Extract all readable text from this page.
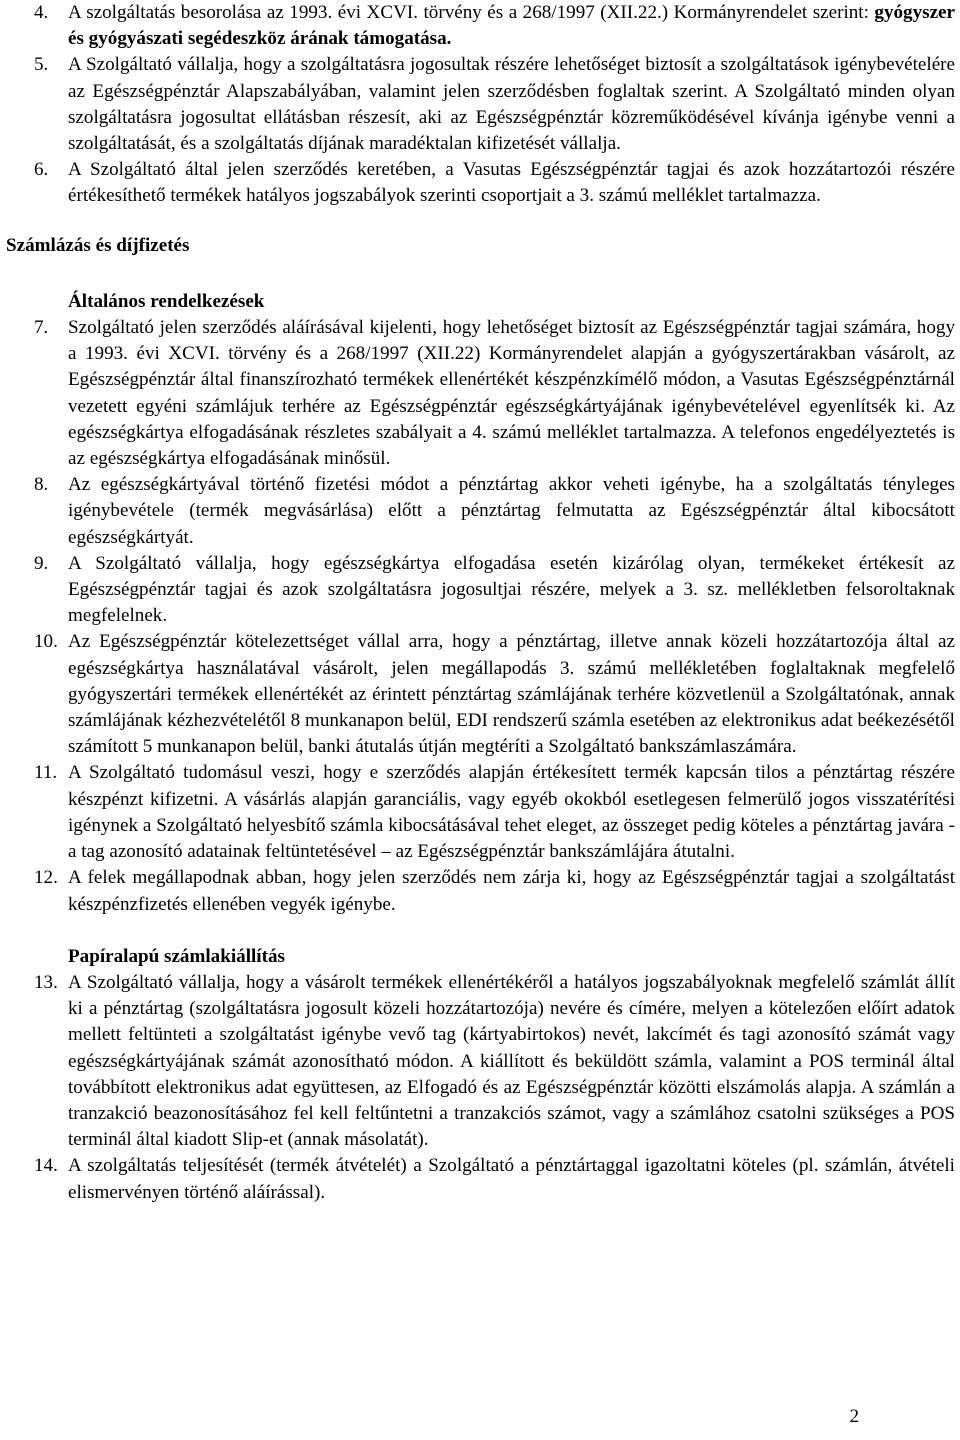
4.	A szolgáltatás besorolása az 1993. évi XCVI. törvény és a 268/1997 (XII.22.) Kormányrendelet szerint: gyógyszer és gyógyászati segédeszköz árának támogatása.
5.	A Szolgáltató vállalja, hogy a szolgáltatásra jogosultak részére lehetőséget biztosít a szolgáltatások igénybevételére az Egészségpénztár Alapszabályában, valamint jelen szerződésben foglaltak szerint. A Szolgáltató minden olyan szolgáltatásra jogosultat ellátásban részesít, aki az Egészségpénztár közreműködésével kívánja igénybe venni a szolgáltatását, és a szolgáltatás díjának maradéktalan kifizetését vállalja.
6.	A Szolgáltató által jelen szerződés keretében, a Vasutas Egészségpénztár tagjai és azok hozzátartozói részére értékesíthető termékek hatályos jogszabályok szerinti csoportjait a 3. számú melléklet tartalmazza.
Számlázás és díjfizetés
Általános rendelkezések
7.	Szolgáltató jelen szerződés aláírásával kijelenti, hogy lehetőséget biztosít az Egészségpénztár tagjai számára, hogy a 1993. évi XCVI. törvény és a 268/1997 (XII.22) Kormányrendelet alapján a gyógyszertárakban vásárolt, az Egészségpénztár által finanszírozható termékek ellenértékét készpénzkímélő módon, a Vasutas Egészségpénztárnál vezetett egyéni számlájuk terhére az Egészségpénztár egészségkártyájának igénybevételével egyenlítsék ki. Az egészségkártya elfogadásának részletes szabályait a 4. számú melléklet tartalmazza. A telefonos engedélyeztetés is az egészségkártya elfogadásának minősül.
8.	Az egészségkártyával történő fizetési módot a pénztártag akkor veheti igénybe, ha a szolgáltatás tényleges igénybevétele (termék megvásárlása) előtt a pénztártag felmutatta az Egészségpénztár által kibocsátott egészségkártyát.
9.	A Szolgáltató vállalja, hogy egészségkártya elfogadása esetén kizárólag olyan, termékeket értékesít az Egészségpénztár tagjai és azok szolgáltatásra jogosultjai részére, melyek a 3. sz. mellékletben felsoroltaknak megfelelnek.
10. Az Egészségpénztár kötelezettséget vállal arra, hogy a pénztártag, illetve annak közeli hozzátartozója által az egészségkártya használatával vásárolt, jelen megállapodás 3. számú mellékletében foglaltaknak megfelelő gyógyszertári termékek ellenértékét az érintett pénztártag számlájának terhére közvetlenül a Szolgáltatónak, annak számlájának kézhezvételétől 8 munkanapon belül, EDI rendszerű számla esetében az elektronikus adat beékezésétől számított 5 munkanapon belül, banki átutalás útján megtéríti a Szolgáltató bankszámlaszámára.
11. A Szolgáltató tudomásul veszi, hogy e szerződés alapján értékesített termék kapcsán tilos a pénztártag részére készpénzt kifizetni. A vásárlás alapján garanciális, vagy egyéb okokból esetlegesen felmerülő jogos visszatérítési igénynek a Szolgáltató helyesbítő számla kibocsátásával tehet eleget, az összeget pedig köteles a pénztártag javára - a tag azonosító adatainak feltüntetésével – az Egészségpénztár bankszámlájára átutalni.
12. A felek megállapodnak abban, hogy jelen szerződés nem zárja ki, hogy az Egészségpénztár tagjai a szolgáltatást készpénzfizetés ellenében vegyék igénybe.
Papíralapú számlakiállítás
13. A Szolgáltató vállalja, hogy a vásárolt termékek ellenértékéről a hatályos jogszabályoknak megfelelő számlát állít ki a pénztártag (szolgáltatásra jogosult közeli hozzátartozója) nevére és címére, melyen a kötelezően előírt adatok mellett feltünteti a szolgáltatást igénybe vevő tag (kártyabirtokos) nevét, lakcímét és tagi azonosító számát vagy egészségkártyájának számát azonosítható módon. A kiállított és beküldött számla, valamint a POS terminál által továbbított elektronikus adat együttesen, az Elfogadó és az Egészségpénztár közötti elszámolás alapja. A számlán a tranzakció beazonosításához fel kell feltűntetni a tranzakciós számot, vagy a számlához csatolni szükséges a POS terminál által kiadott Slip-et (annak másolatát).
14. A szolgáltatás teljesítését (termék átvételét) a Szolgáltató a pénztártaggal igazoltatni köteles (pl. számlán, átvételi elismervényen történő aláírással).
2
